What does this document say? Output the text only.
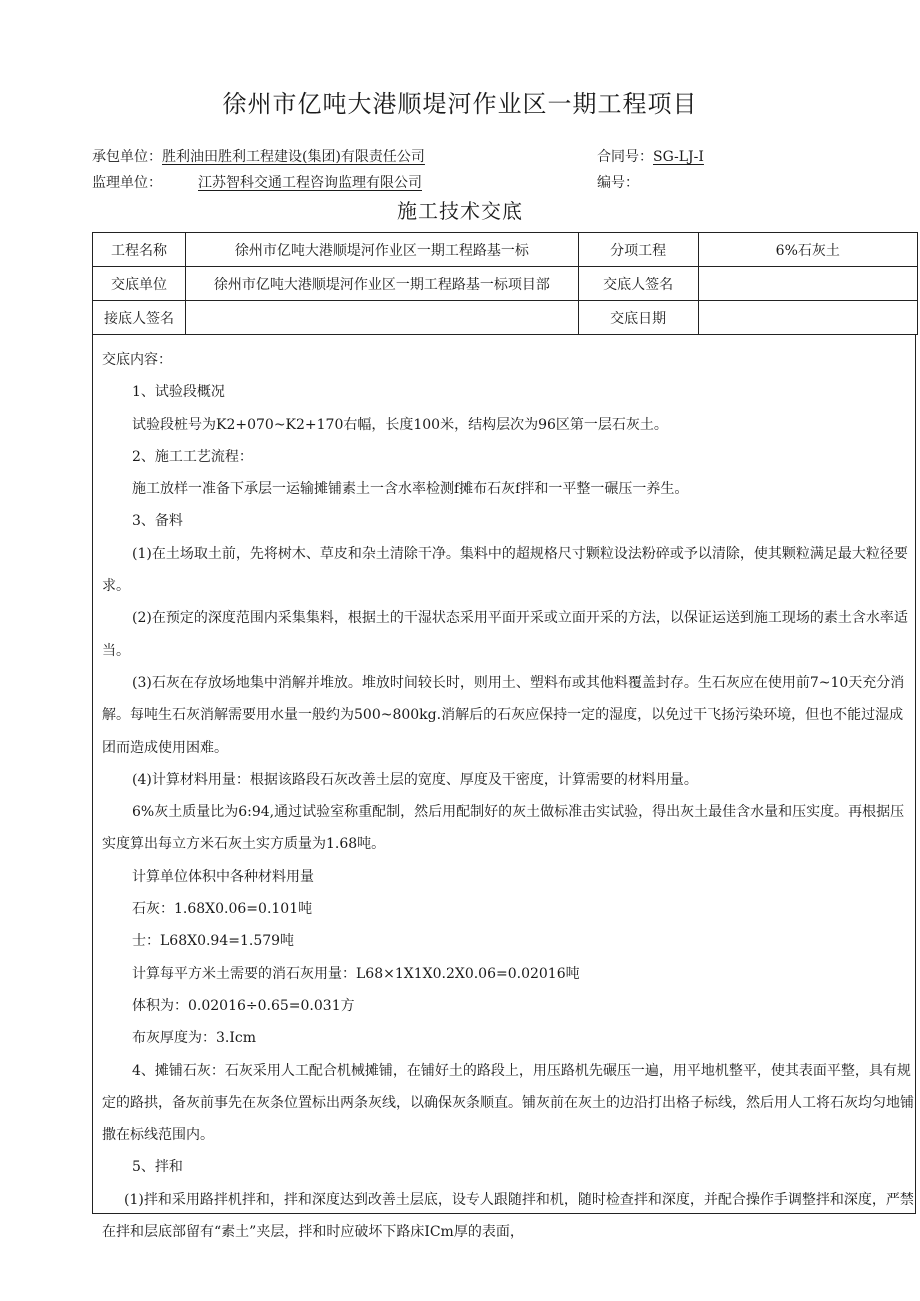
徐州市亿吨大港顺堤河作业区一期工程项目
承包单位：胜利油田胜利工程建设(集团)有限责任公司	合同号：SG-LJ-I
监理单位：	江苏智科交通工程咨询监理有限公司	编号：
施工技术交底
工程名称	徐州市亿吨大港顺堤河作业区一期工程路基一标	分项工程	6%石灰土
交底单位	徐州市亿吨大港顺堤河作业区一期工程路基一标项目部	交底人签名	
接底人签名		交底日期	

交底内容：

1、试验段概况

试验段桩号为K2+070~K2+170右幅，长度100米，结构层次为96区第一层石灰土。

2、施工工艺流程：

施工放样一准备下承层一运输摊铺素土一含水率检测f摊布石灰f拌和一平整一碾压一养生。

3、备料

(1)在土场取土前，先将树木、草皮和杂土清除干净。集料中的超规格尺寸颗粒设法粉碎或予以清除，使其颗粒满足最大粒径要求。

(2)在预定的深度范围内采集集料，根据土的干湿状态采用平面开采或立面开采的方法，以保证运送到施工现场的素土含水率适当。

(3)石灰在存放场地集中消解并堆放。堆放时间较长时，则用土、塑料布或其他料覆盖封存。生石灰应在使用前7~10天充分消解。每吨生石灰消解需要用水量一般约为500~800kg.消解后的石灰应保持一定的湿度，以免过干飞扬污染环境，但也不能过湿成团而造成使用困难。

(4)计算材料用量：根据该路段石灰改善土层的宽度、厚度及干密度，计算需要的材料用量。

6%灰土质量比为6:94,通过试验室称重配制，然后用配制好的灰土做标准击实试验，得出灰土最佳含水量和压实度。再根据压实度算出每立方米石灰土实方质量为1.68吨。

计算单位体积中各种材料用量

石灰：1.68X0.06=0.101吨

士：L68X0.94=1.579吨

计算每平方米土需要的消石灰用量：L68×1X1X0.2X0.06=0.02016吨

体积为：0.02016÷0.65=0.031方

布灰厚度为：3.Icm

4、摊铺石灰：石灰采用人工配合机械摊铺，在铺好土的路段上，用压路机先碾压一遍，用平地机整平，使其表面平整，具有规定的路拱，备灰前事先在灰条位置标出两条灰线，以确保灰条顺直。铺灰前在灰土的边沿打出格子标线，然后用人工将石灰均匀地铺撒在标线范围内。

5、拌和

(1)拌和采用路拌机拌和，拌和深度达到改善土层底，设专人跟随拌和机，随时检查拌和深度，并配合操作手调整拌和深度，严禁在拌和层底部留有“素土”夹层，拌和时应破坏下路床ICm厚的表面，
